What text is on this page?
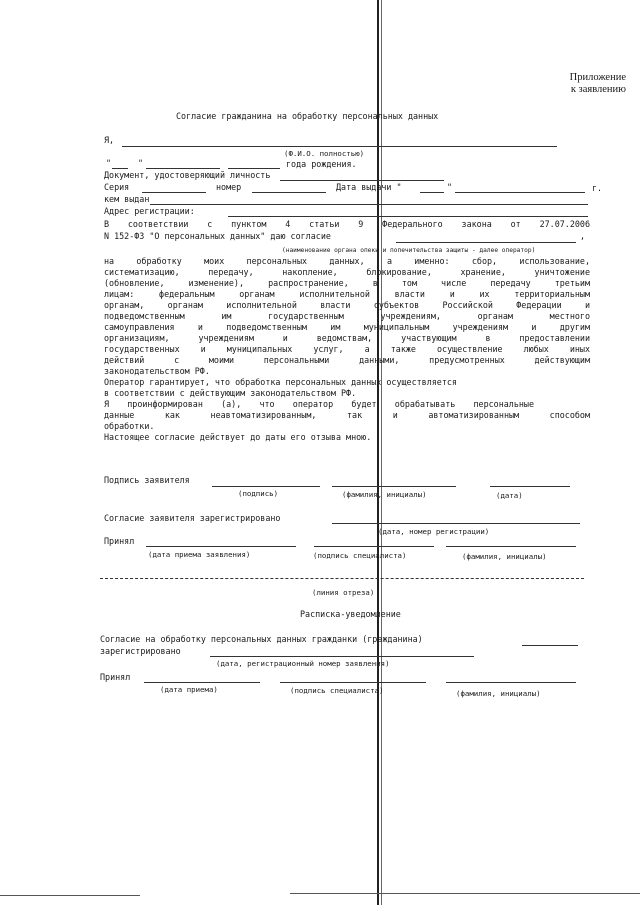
Приложение
к заявлению
Согласие гражданина на обработку персональных данных
Я,
(Ф.И.О. полностью)
"	"	года рождения.
Документ, удостоверяющий личность
Серия	номер	Дата выдачи "	"	г.
кем выдан
Адрес регистрации:
В соответствии с пунктом 4 статьи 9 Федерального закона от 27.07.2006
N 152-ФЗ "О персональных данных" даю согласие	,
(наименование органа опеки и попечительства защиты - далее оператор)
на обработку моих персональных данных, а именно: сбор, использование,
систематизацию, передачу, накопление, блокирование, хранение, уничтожение
(обновление, изменение), распространение, в том числе передачу третьим
лицам: федеральным органам исполнительной власти и их территориальным
органам, органам исполнительной власти субъектов Российской Федерации и
подведомственным им государственным учреждениям, органам местного
самоуправления и подведомственным им муниципальным учреждениям и другим
организациям, учреждениям и ведомствам, участвующим в предоставлении
государственных и муниципальных услуг, а также осуществление любых иных
действий с моими персональными данными, предусмотренных действующим
законодательством РФ.
Оператор гарантирует, что обработка персональных данных осуществляется
в соответствии с действующим законодательством РФ.
Я проинформирован (а), что оператор будет обрабатывать персональные
данные как неавтоматизированным, так и автоматизированным способом
обработки.
Настоящее согласие действует до даты его отзыва мною.
Подпись заявителя
(подпись)	(фамилия, инициалы)	(дата)
Согласие заявителя зарегистрировано
(дата, номер регистрации)
Принял
(дата приема заявления)	(подпись специалиста)	(фамилия, инициалы)
(линия отреза)
Расписка-уведомление
Согласие на обработку персональных данных гражданки (гражданина)
зарегистрировано
(дата, регистрационный номер заявления)
Принял
(дата приема)	(подпись специалиста)	(фамилия, инициалы)
